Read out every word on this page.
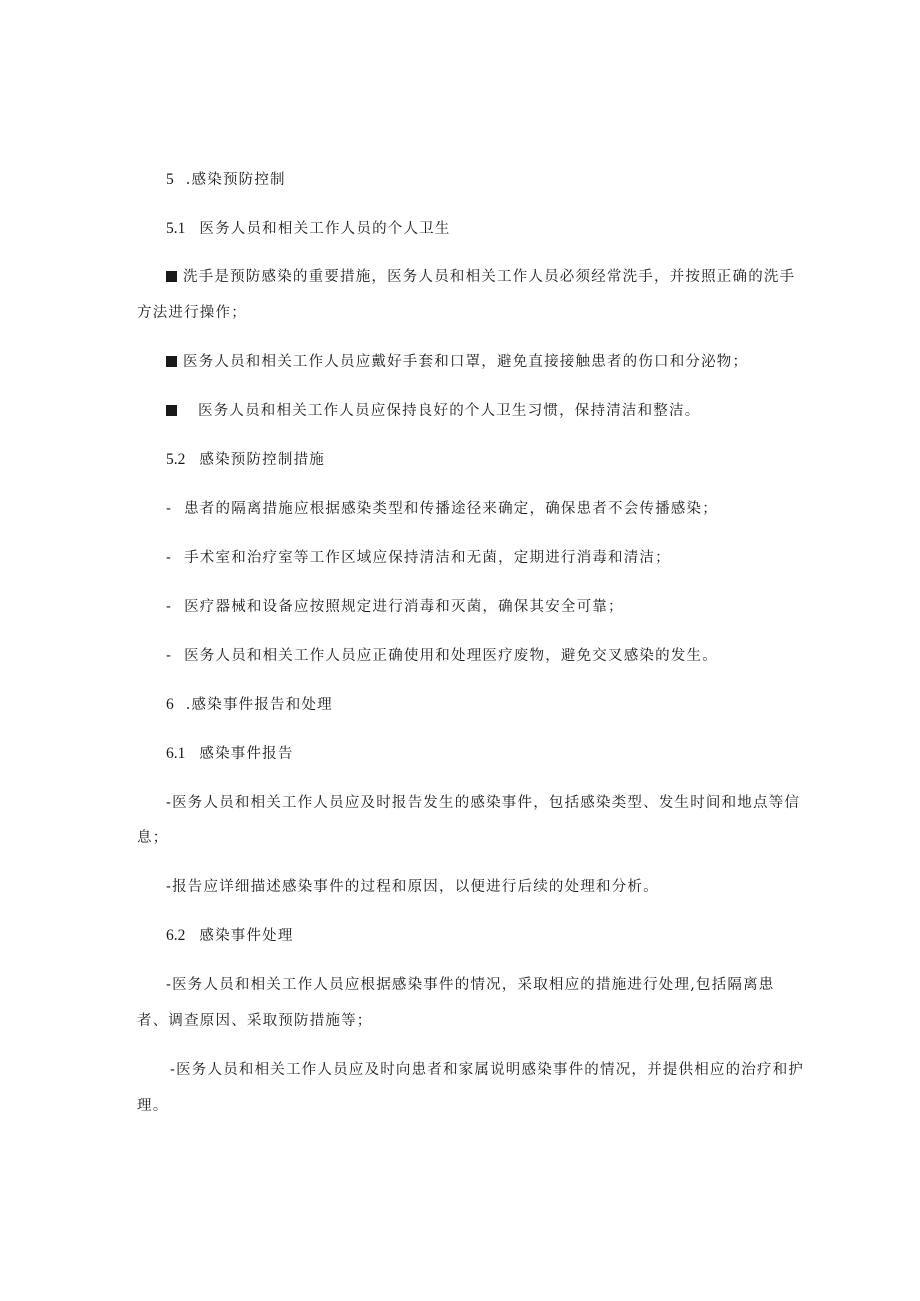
5 .感染预防控制
5.1 医务人员和相关工作人员的个人卫生
洗手是预防感染的重要措施，医务人员和相关工作人员必须经常洗手，并按照正确的洗手
方法进行操作；
医务人员和相关工作人员应戴好手套和口罩，避免直接接触患者的伤口和分泌物；
医务人员和相关工作人员应保持良好的个人卫生习惯，保持清洁和整洁。
5.2 感染预防控制措施
- 患者的隔离措施应根据感染类型和传播途径来确定，确保患者不会传播感染；
- 手术室和治疗室等工作区域应保持清洁和无菌，定期进行消毒和清洁；
- 医疗器械和设备应按照规定进行消毒和灭菌，确保其安全可靠；
- 医务人员和相关工作人员应正确使用和处理医疗废物，避免交叉感染的发生。
6 .感染事件报告和处理
6.1 感染事件报告
-医务人员和相关工作人员应及时报告发生的感染事件，包括感染类型、发生时间和地点等信
息；
-报告应详细描述感染事件的过程和原因，以便进行后续的处理和分析。
6.2 感染事件处理
-医务人员和相关工作人员应根据感染事件的情况，采取相应的措施进行处理,包括隔离患
者、调查原因、采取预防措施等；
-医务人员和相关工作人员应及时向患者和家属说明感染事件的情况，并提供相应的治疗和护
理。
